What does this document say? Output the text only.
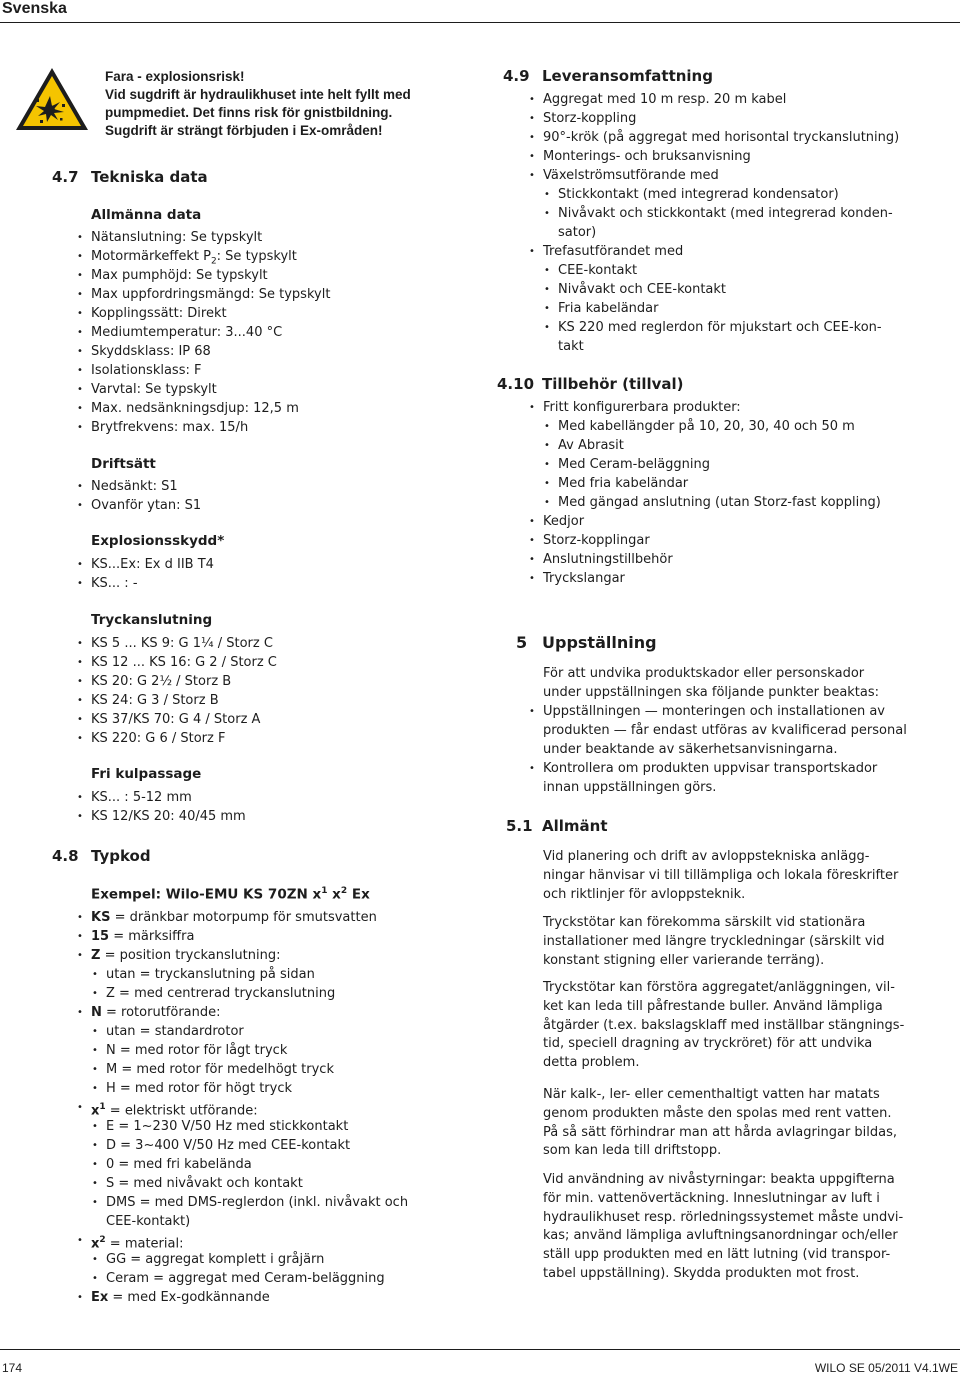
Svenska
Fara - explosionsrisk!
Vid sugdrift är hydraulikhuset inte helt fyllt med
pumpmediet. Det finns risk för gnistbildning.
Sugdrift är strängt förbjuden i Ex-områden!
4.7 Tekniska data
Allmänna data
• Nätanslutning: Se typskylt
• Motormärkeffekt $P_2$: Se typskylt
• Max pumphöjd: Se typskylt
• Max uppfordringsmängd: Se typskylt
• Kopplingssätt: Direkt
• Mediumtemperatur: 3...40 °C
• Skyddsklass: IP 68
• Isolationsklass: F
• Varvtal: Se typskylt
• Max. nedsänkningsdjup: 12,5 m
• Brytfrekvens: max. 15/h
Driftsätt
• Nedsänkt: S1
• Ovanför ytan: S1
Explosionsskydd*
• KS...Ex: Ex d IIB T4
• KS... : -
Tryckanslutning
• KS 5 ... KS 9: G 1¼ / Storz C
• KS 12 ... KS 16: G 2 / Storz C
• KS 20: G 2½ / Storz B
• KS 24: G 3 / Storz B
• KS 37/KS 70: G 4 / Storz A
• KS 220: G 6 / Storz F
Fri kulpassage
• KS... : 5-12 mm
• KS 12/KS 20: 40/45 mm
4.8 Typkod
Exempel: Wilo-EMU KS 70ZN $x^1$ $x^2$ Ex
• KS = dränkbar motorpump för smutsvatten
• 15 = märksiffra
• Z = position tryckanslutning:
• utan = tryckanslutning på sidan
• Z = med centrerad tryckanslutning
• N = rotorutförande:
• utan = standardrotor
• N = med rotor för lågt tryck
• M = med rotor för medelhögt tryck
• H = med rotor för högt tryck
• $x^1$ = elektriskt utförande:
• E = 1~230 V/50 Hz med stickkontakt
• D = 3~400 V/50 Hz med CEE-kontakt
• 0 = med fri kabelända
• S = med nivåvakt och kontakt
• DMS = med DMS-reglerdon (inkl. nivåvakt och
CEE-kontakt)
• $x^2$ = material:
• GG = aggregat komplett i gråjärn
• Ceram = aggregat med Ceram-beläggning
• Ex = med Ex-godkännande
4.9 Leveransomfattning
• Aggregat med 10 m resp. 20 m kabel
• Storz-koppling
• 90°-krök (på aggregat med horisontal tryckanslutning)
• Monterings- och bruksanvisning
• Växelströmsutförande med
• Stickkontakt (med integrerad kondensator)
• Nivåvakt och stickkontakt (med integrerad konden-
sator)
• Trefasutförandet med
• CEE-kontakt
• Nivåvakt och CEE-kontakt
• Fria kabeländar
• KS 220 med reglerdon för mjukstart och CEE-kon-
takt
4.10 Tillbehör (tillval)
• Fritt konfigurerbara produkter:
• Med kabellängder på 10, 20, 30, 40 och 50 m
• Av Abrasit
• Med Ceram-beläggning
• Med fria kabeländar
• Med gängad anslutning (utan Storz-fast koppling)
• Kedjor
• Storz-kopplingar
• Anslutningstillbehör
• Tryckslangar
5 Uppställning
För att undvika produktskador eller personskador
under uppställningen ska följande punkter beaktas:
• Uppställningen — monteringen och installationen av
produkten — får endast utföras av kvalificerad personal
under beaktande av säkerhetsanvisningarna.
• Kontrollera om produkten uppvisar transportskador
innan uppställningen görs.
5.1 Allmänt
Vid planering och drift av avloppstekniska anlägg-
ningar hänvisar vi till tillämpliga och lokala föreskrifter
och riktlinjer för avloppsteknik.
Tryckstötar kan förekomma särskilt vid stationära
installationer med längre tryckledningar (särskilt vid
konstant stigning eller varierande terräng).
Tryckstötar kan förstöra aggregatet/anläggningen, vil-
ket kan leda till påfrestande buller. Använd lämpliga
åtgärder (t.ex. bakslagsklaff med inställbar stängnings-
tid, speciell dragning av tryckröret) för att undvika
detta problem.
När kalk-, ler- eller cementhaltigt vatten har matats
genom produkten måste den spolas med rent vatten.
På så sätt förhindrar man att hårda avlagringar bildas,
som kan leda till driftstopp.
Vid användning av nivåstyrningar: beakta uppgifterna
för min. vattenövertäckning. Inneslutningar av luft i
hydraulikhuset resp. rörledningssystemet måste undvi-
kas; använd lämpliga avluftningsanordningar och/eller
ställ upp produkten med en lätt lutning (vid transpor-
tabel uppställning). Skydda produkten mot frost.
174	WILO SE 05/2011 V4.1WE
